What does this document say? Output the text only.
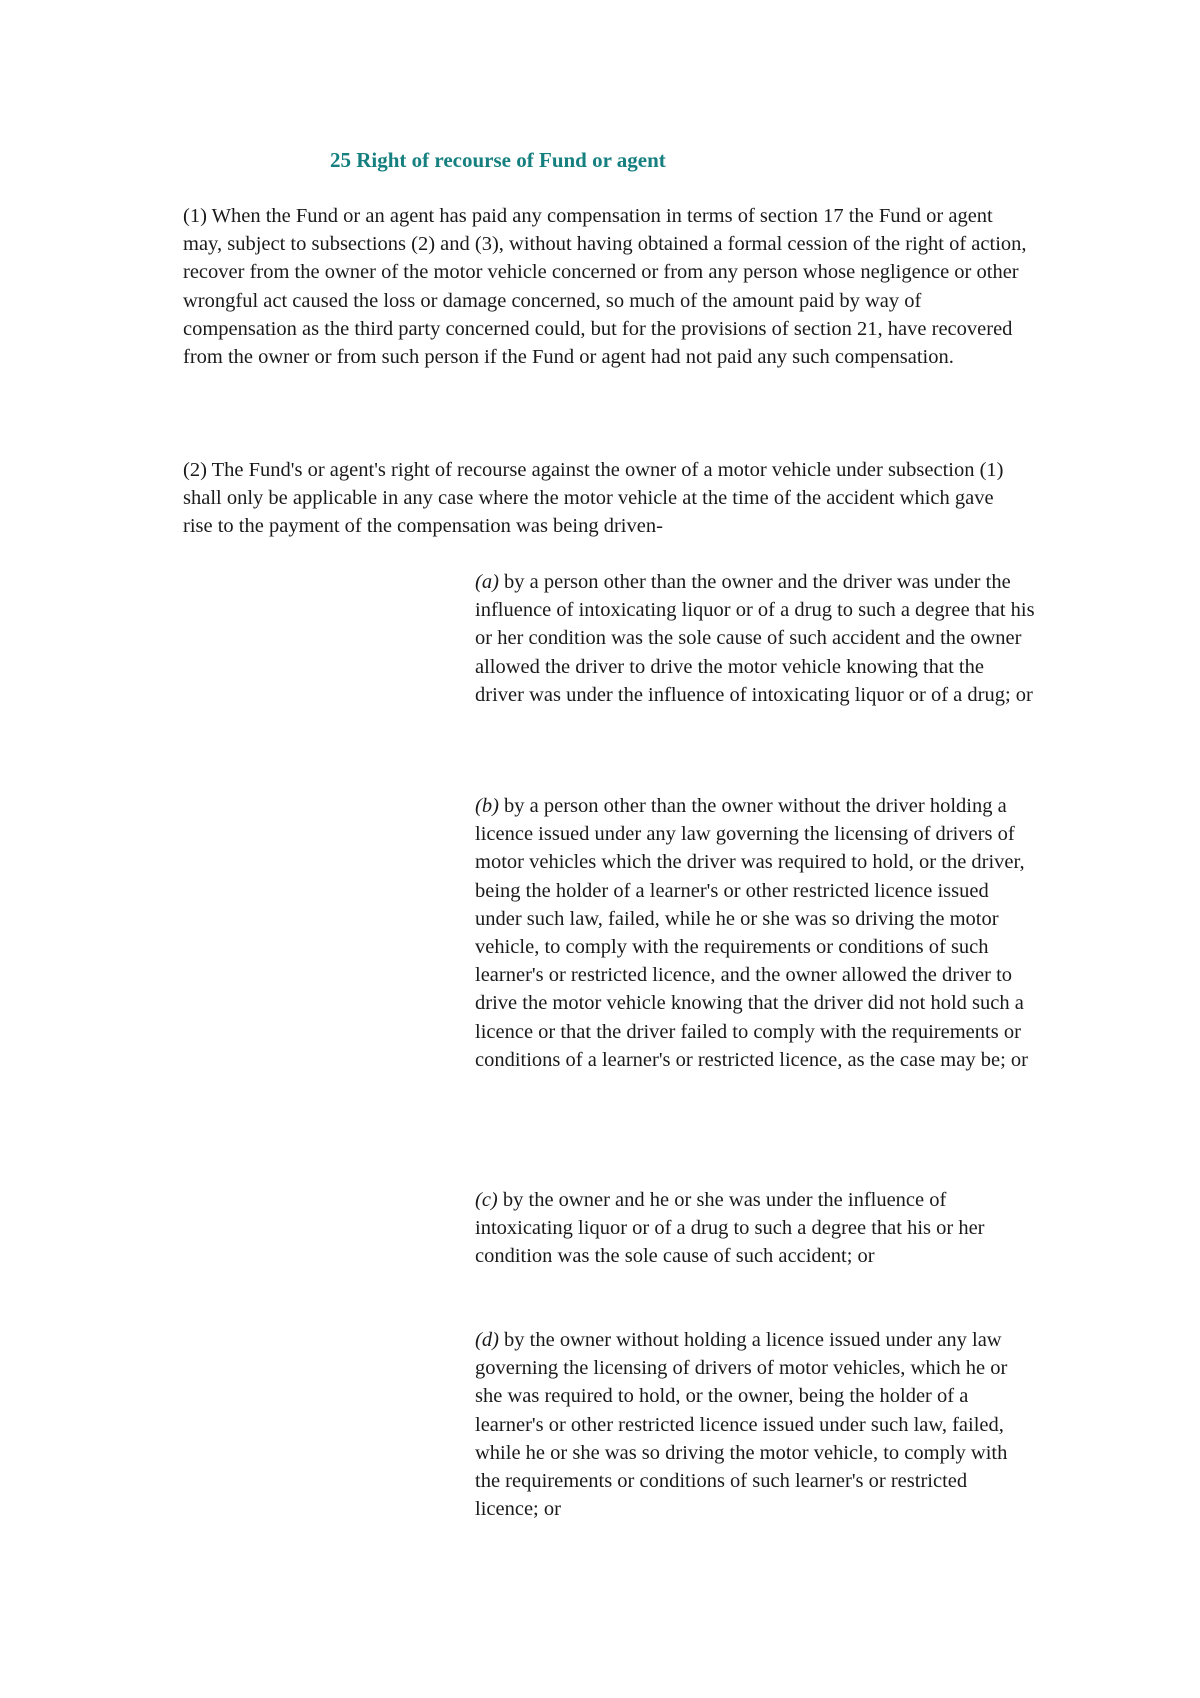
25 Right of recourse of Fund or agent

(1) When the Fund or an agent has paid any compensation in terms of section 17 the Fund or agent may, subject to subsections (2) and (3), without having obtained a formal cession of the right of action, recover from the owner of the motor vehicle concerned or from any person whose negligence or other wrongful act caused the loss or damage concerned, so much of the amount paid by way of compensation as the third party concerned could, but for the provisions of section 21, have recovered from the owner or from such person if the Fund or agent had not paid any such compensation.

(2) The Fund's or agent's right of recourse against the owner of a motor vehicle under subsection (1) shall only be applicable in any case where the motor vehicle at the time of the accident which gave rise to the payment of the compensation was being driven-

(a) by a person other than the owner and the driver was under the influence of intoxicating liquor or of a drug to such a degree that his or her condition was the sole cause of such accident and the owner allowed the driver to drive the motor vehicle knowing that the driver was under the influence of intoxicating liquor or of a drug; or

(b) by a person other than the owner without the driver holding a licence issued under any law governing the licensing of drivers of motor vehicles which the driver was required to hold, or the driver, being the holder of a learner's or other restricted licence issued under such law, failed, while he or she was so driving the motor vehicle, to comply with the requirements or conditions of such learner's or restricted licence, and the owner allowed the driver to drive the motor vehicle knowing that the driver did not hold such a licence or that the driver failed to comply with the requirements or conditions of a learner's or restricted licence, as the case may be; or

(c) by the owner and he or she was under the influence of intoxicating liquor or of a drug to such a degree that his or her condition was the sole cause of such accident; or

(d) by the owner without holding a licence issued under any law governing the licensing of drivers of motor vehicles, which he or she was required to hold, or the owner, being the holder of a learner's or other restricted licence issued under such law, failed, while he or she was so driving the motor vehicle, to comply with the requirements or conditions of such learner's or restricted licence; or
